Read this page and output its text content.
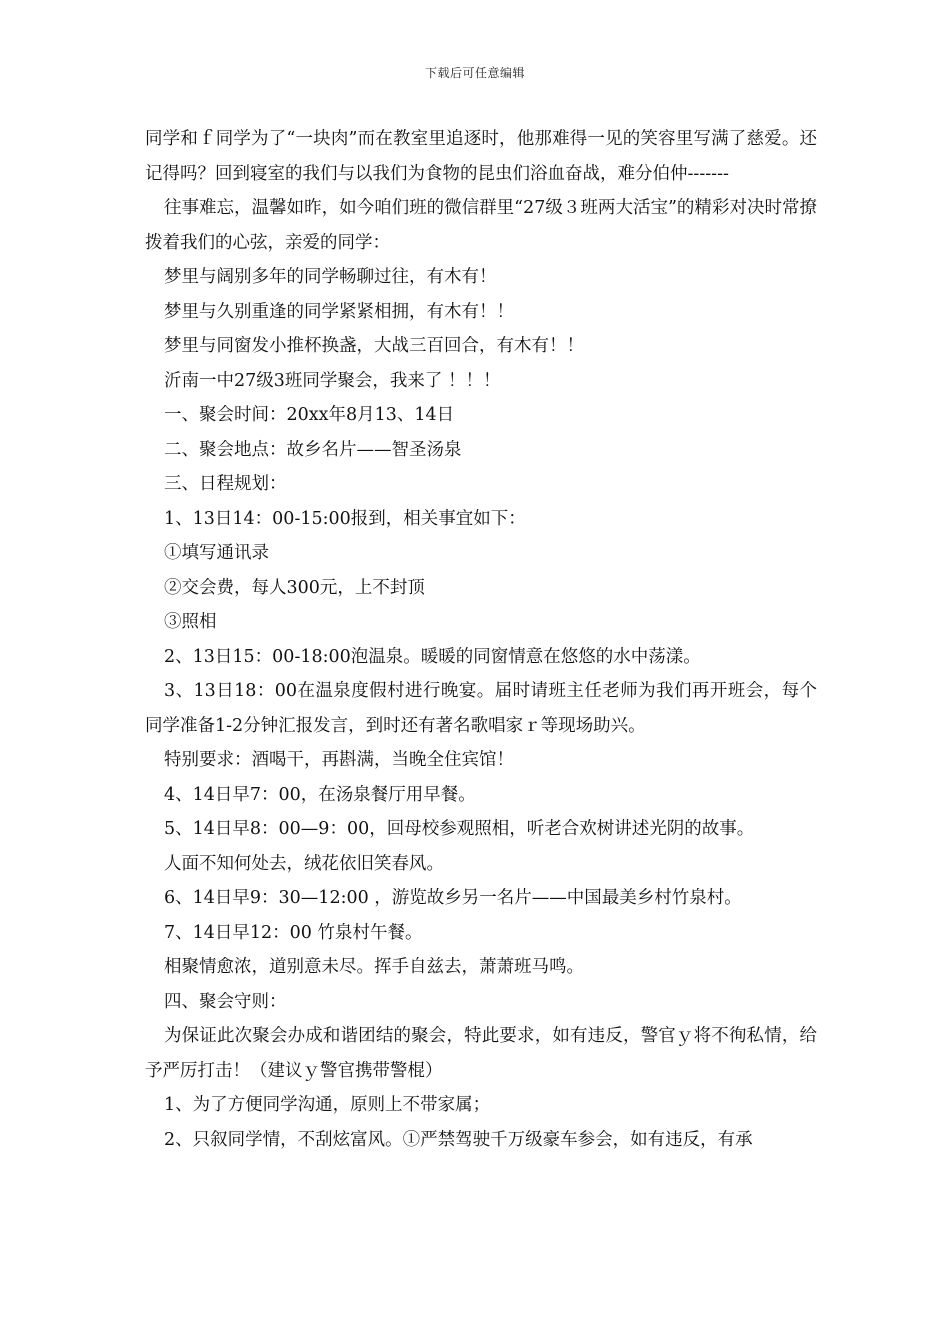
下载后可任意编辑

同学和ｆ同学为了“一块肉”而在教室里追逐时，他那难得一见的笑容里写满了慈爱。还记得吗？回到寝室的我们与以我们为食物的昆虫们浴血奋战，难分伯仲-------

往事难忘，温馨如昨，如今咱们班的微信群里“27级３班两大活宝”的精彩对决时常撩拨着我们的心弦，亲爱的同学：

梦里与阔别多年的同学畅聊过往，有木有！

梦里与久别重逢的同学紧紧相拥，有木有！！

梦里与同窗发小推杯换盏，大战三百回合，有木有！！

沂南一中27级3班同学聚会，我来了 ！！！

一、聚会时间：20xx年8月13、14日

二、聚会地点：故乡名片——智圣汤泉

三、日程规划：

1、13日14：00-15:00报到，相关事宜如下：

①填写通讯录

②交会费，每人300元，上不封顶

③照相

2、13日15：00-18:00泡温泉。暖暖的同窗情意在悠悠的水中荡漾。

3、13日18：00在温泉度假村进行晚宴。届时请班主任老师为我们再开班会，每个同学准备1-2分钟汇报发言，到时还有著名歌唱家ｒ等现场助兴。

特别要求：酒喝干，再斟满，当晚全住宾馆！

4、14日早7：00，在汤泉餐厅用早餐。

5、14日早8：00—9：00，回母校参观照相，听老合欢树讲述光阴的故事。

人面不知何处去，绒花依旧笑春风。

6、14日早9：30—12:00 ，游览故乡另一名片——中国最美乡村竹泉村。

7、14日早12：00 竹泉村午餐。

相聚情愈浓，道别意未尽。挥手自兹去，萧萧班马鸣。

四、聚会守则：

为保证此次聚会办成和谐团结的聚会，特此要求，如有违反，警官ｙ将不徇私情，给予严厉打击！（建议ｙ警官携带警棍）

1、为了方便同学沟通，原则上不带家属；

2、只叙同学情，不刮炫富风。①严禁驾驶千万级豪车参会，如有违反，有承
